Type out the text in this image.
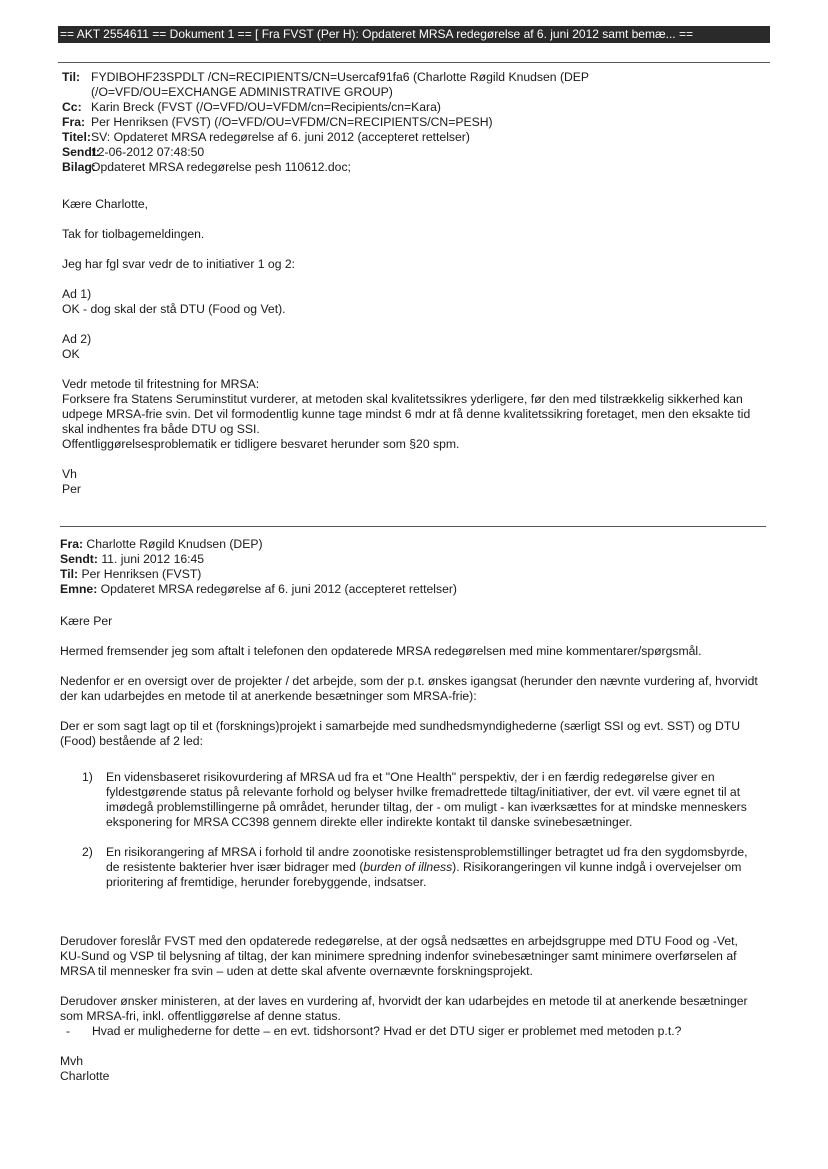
== AKT 2554611 == Dokument 1 == [ Fra FVST (Per H): Opdateret MRSA redegørelse af 6. juni 2012 samt bemæ... ==
Til: FYDIBOHF23SPDLT /CN=RECIPIENTS/CN=Usercaf91fa6 (Charlotte Røgild Knudsen (DEP
(/O=VFD/OU=EXCHANGE ADMINISTRATIVE GROUP)
Cc: Karin Breck (FVST (/O=VFD/OU=VFDM/cn=Recipients/cn=Kara)
Fra: Per Henriksen (FVST) (/O=VFD/OU=VFDM/CN=RECIPIENTS/CN=PESH)
Titel: SV: Opdateret MRSA redegørelse af 6. juni 2012 (accepteret rettelser)
Sendt:
12-06-2012 07:48:50
Bilag:
Opdateret MRSA redegørelse pesh 110612.doc;
Kære Charlotte,
Tak for tiolbagemeldingen.
Jeg har fgl svar vedr de to initiativer 1 og 2:
Ad 1)
OK - dog skal der stå DTU (Food og Vet).
Ad 2)
OK
Vedr metode til fritestning for MRSA:
Forksere fra Statens Seruminstitut vurderer, at metoden skal kvalitetssikres yderligere, før den med tilstrækkelig sikkerhed kan udpege MRSA-frie svin. Det vil formodentlig kunne tage mindst 6 mdr at få denne kvalitetssikring foretaget, men den eksakte tid skal indhentes fra både DTU og SSI.
Offentliggørelsesproblematik er tidligere besvaret herunder som §20 spm.
Vh
Per
Fra: Charlotte Røgild Knudsen (DEP)
Sendt: 11. juni 2012 16:45
Til: Per Henriksen (FVST)
Emne: Opdateret MRSA redegørelse af 6. juni 2012 (accepteret rettelser)
Kære Per
Hermed fremsender jeg som aftalt i telefonen den opdaterede MRSA redegørelsen med mine kommentarer/spørgsmål.
Nedenfor er en oversigt over de projekter / det arbejde, som der p.t. ønskes igangsat (herunder den nævnte vurdering af, hvorvidt der kan udarbejdes en metode til at anerkende besætninger som MRSA-frie):
Der er som sagt lagt op til et (forsknings)projekt i samarbejde med sundhedsmyndighederne (særligt SSI og evt. SST) og DTU (Food) bestående af 2 led:
1)	En vidensbaseret risikovurdering af MRSA ud fra et "One Health" perspektiv, der i en færdig redegørelse giver en fyldestgørende status på relevante forhold og belyser hvilke fremadrettede tiltag/initiativer, der evt. vil være egnet til at imødegå problemstillingerne på området, herunder tiltag, der - om muligt - kan iværksættes for at mindske menneskers eksponering for MRSA CC398 gennem direkte eller indirekte kontakt til danske svinebesætninger.
2)	En risikorangering af MRSA i forhold til andre zoonotiske resistensproblemstillinger betragtet ud fra den sygdomsbyrde, de resistente bakterier hver især bidrager med (burden of illness). Risikorangeringen vil kunne indgå i overvejelser om prioritering af fremtidige, herunder forebyggende, indsatser.
Derudover foreslår FVST med den opdaterede redegørelse, at der også nedsættes en arbejdsgruppe med DTU Food og -Vet, KU-Sund og VSP til belysning af tiltag, der kan minimere spredning indenfor svinebesætninger samt minimere overførselen af MRSA til mennesker fra svin – uden at dette skal afvente overnævnte forskningsprojekt.
Derudover ønsker ministeren, at der laves en vurdering af, hvorvidt der kan udarbejdes en metode til at anerkende besætninger som MRSA-fri, inkl. offentliggørelse af denne status.
-	Hvad er mulighederne for dette – en evt. tidshorsont? Hvad er det DTU siger er problemet med metoden p.t.?
Mvh
Charlotte
